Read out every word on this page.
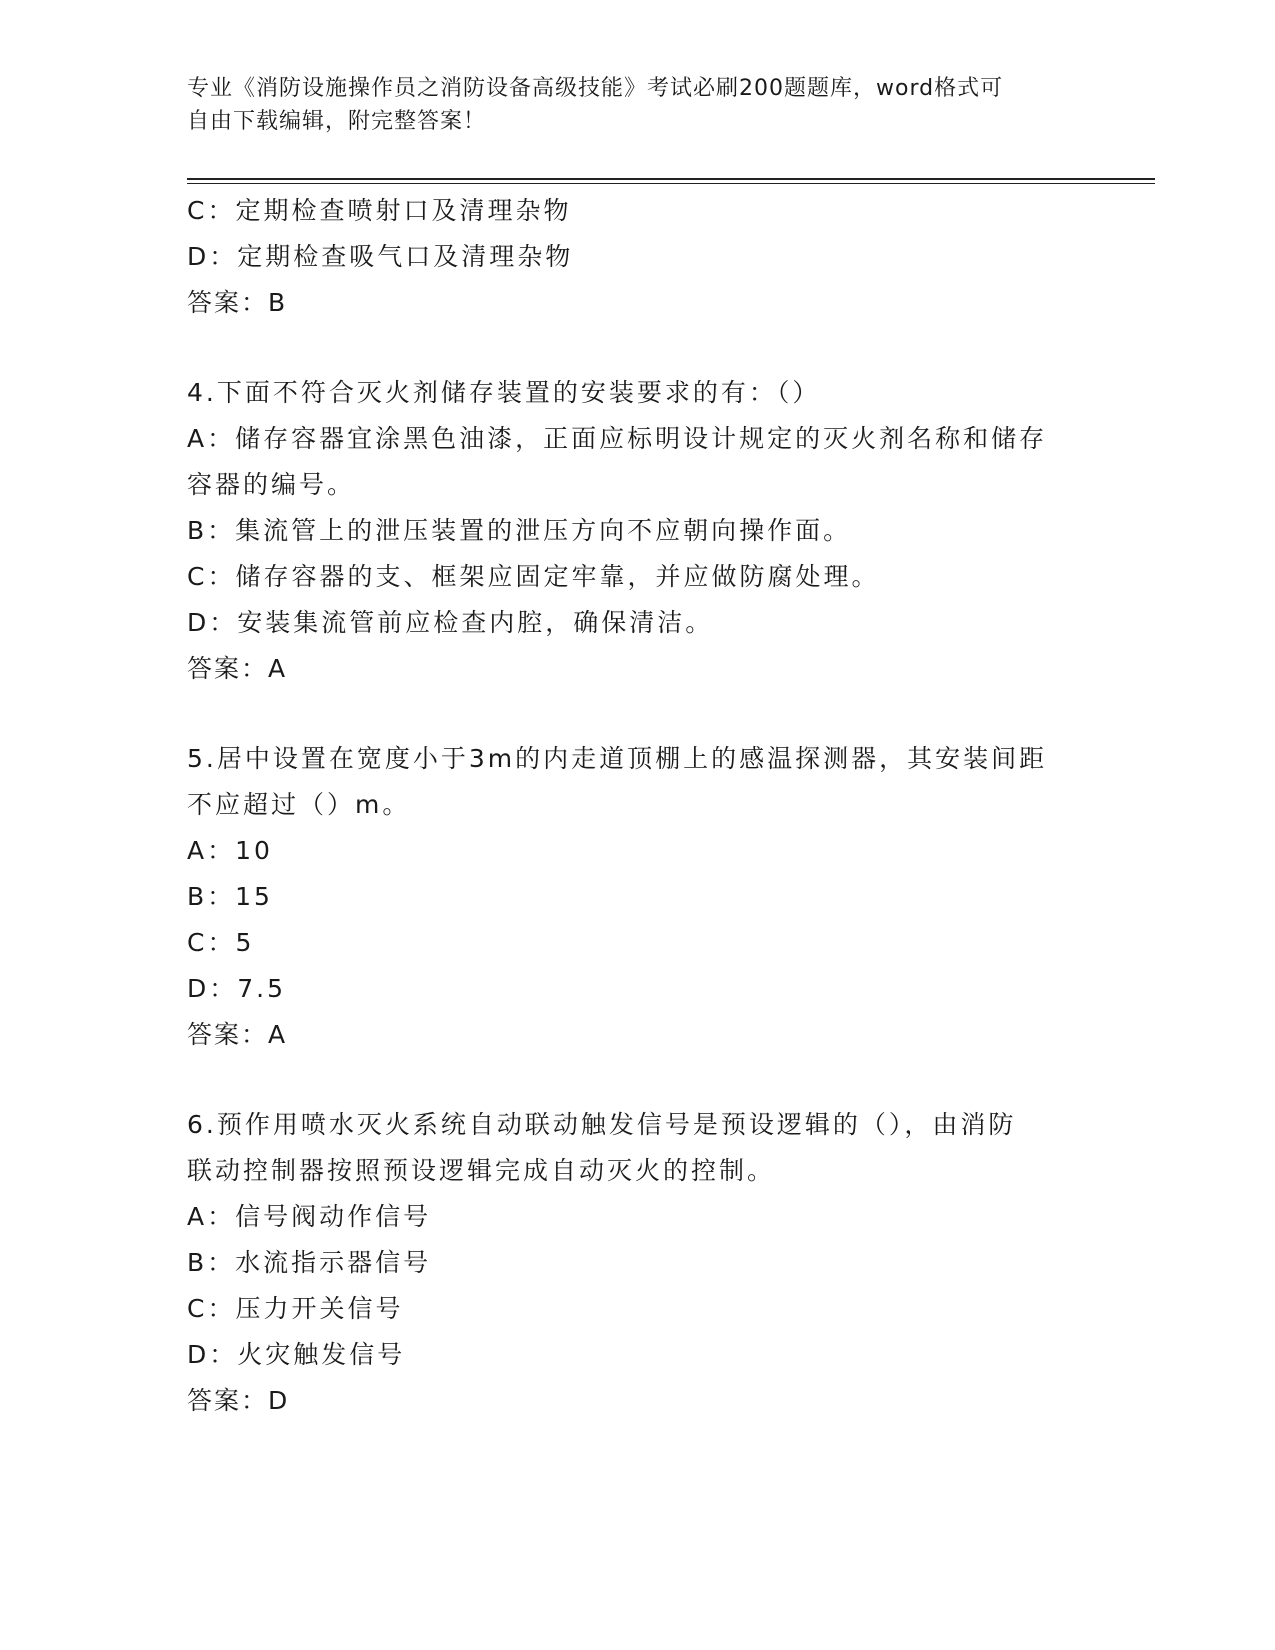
专业《消防设施操作员之消防设备高级技能》考试必刷200题题库，word格式可
自由下载编辑，附完整答案！
C：定期检查喷射口及清理杂物
D：定期检查吸气口及清理杂物
答案：B
4.下面不符合灭火剂储存装置的安装要求的有：（）
A：储存容器宜涂黑色油漆，正面应标明设计规定的灭火剂名称和储存
容器的编号。
B：集流管上的泄压装置的泄压方向不应朝向操作面。
C：储存容器的支、框架应固定牢靠，并应做防腐处理。
D：安装集流管前应检查内腔，确保清洁。
答案：A
5.居中设置在宽度小于3m的内走道顶棚上的感温探测器，其安装间距
不应超过（）m。
A：10
B：15
C：5
D：7.5
答案：A
6.预作用喷水灭火系统自动联动触发信号是预设逻辑的（），由消防
联动控制器按照预设逻辑完成自动灭火的控制。
A：信号阀动作信号
B：水流指示器信号
C：压力开关信号
D：火灾触发信号
答案：D
